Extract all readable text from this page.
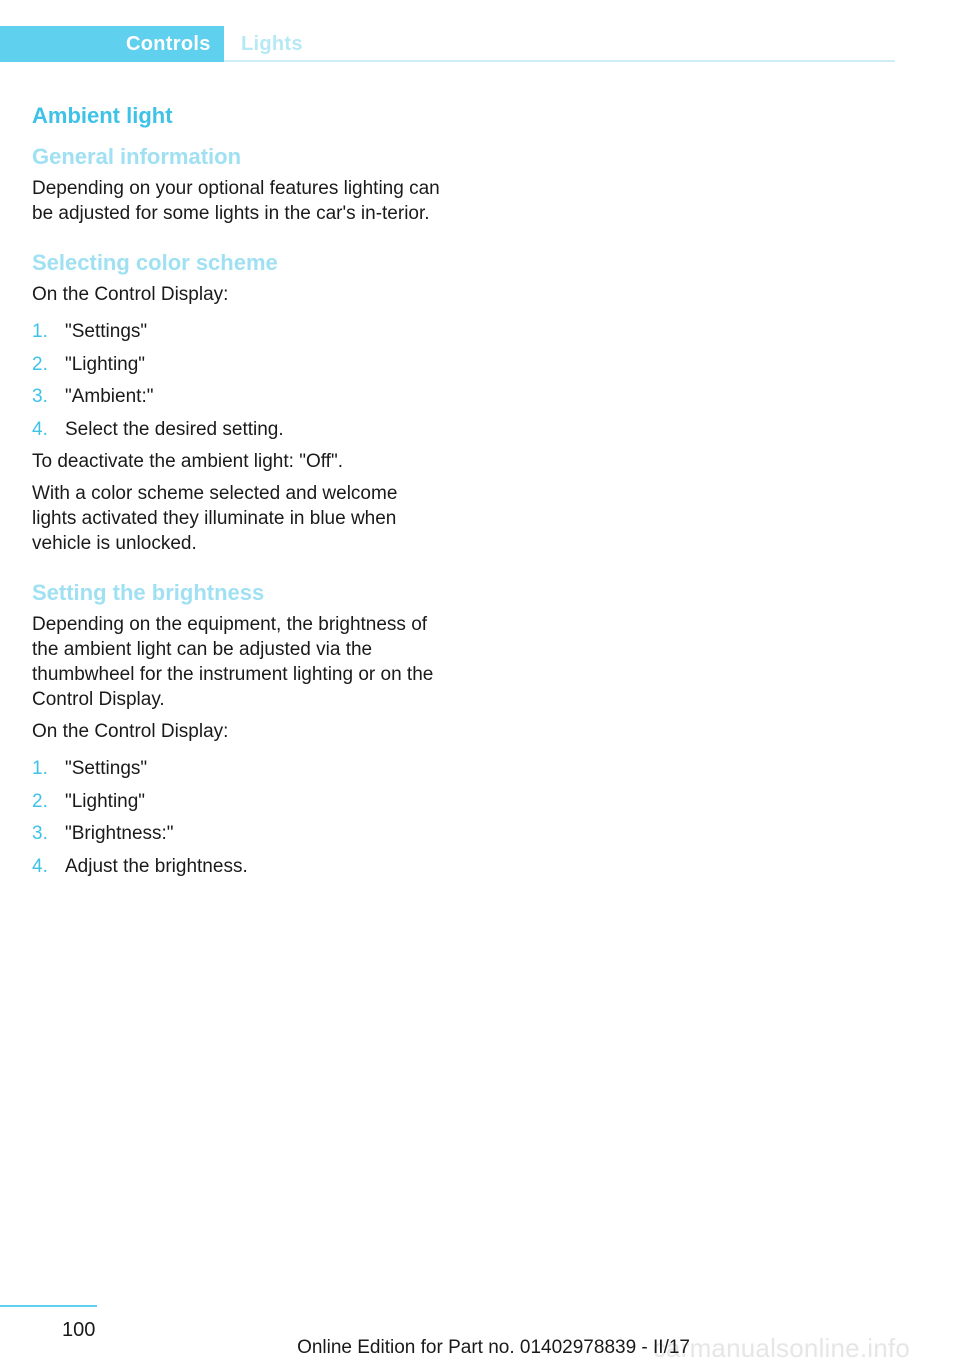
Controls	Lights
Ambient light
General information

Depending on your optional features lighting can be adjusted for some lights in the car's in‐terior.

Selecting color scheme

On the Control Display:

1. "Settings"
2. "Lighting"
3. "Ambient:"
4. Select the desired setting.

To deactivate the ambient light: "Off".

With a color scheme selected and welcome lights activated they illuminate in blue when vehicle is unlocked.

Setting the brightness

Depending on the equipment, the brightness of the ambient light can be adjusted via the thumbwheel for the instrument lighting or on the Control Display.

On the Control Display:

1. "Settings"
2. "Lighting"
3. "Brightness:"
4. Adjust the brightness.
100
carmanualsonline.info
Online Edition for Part no. 01402978839 - II/17
